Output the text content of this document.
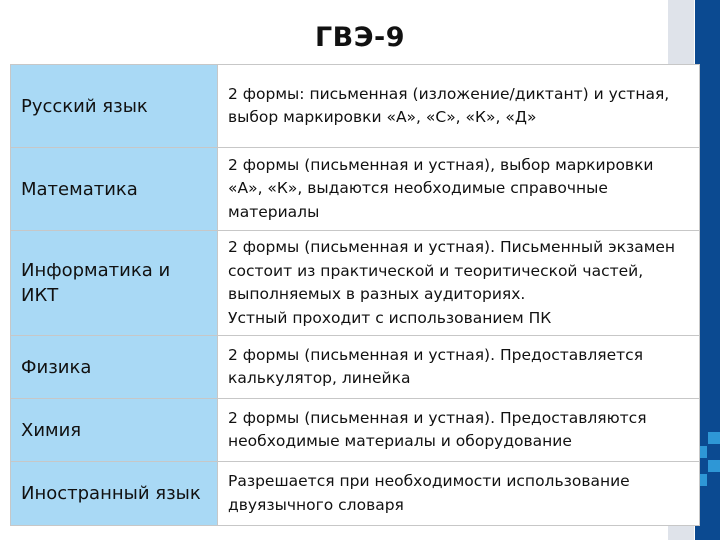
ГВЭ-9
Русский язык	2 формы: письменная (изложение/диктант) и устная,
выбор маркировки «А», «С», «К», «Д»
Математика	2 формы (письменная и устная), выбор маркировки «А», «К», выдаются необходимые справочные материалы
Информатика и ИКТ	2 формы (письменная и устная). Письменный экзамен состоит из практической и теоритической частей, выполняемых в разных аудиториях.
Устный проходит с использованием ПК
Физика	2 формы (письменная и устная). Предоставляется калькулятор, линейка
Химия	2 формы (письменная и устная). Предоставляются необходимые материалы и оборудование
Иностранный язык	Разрешается при необходимости использование двуязычного словаря
